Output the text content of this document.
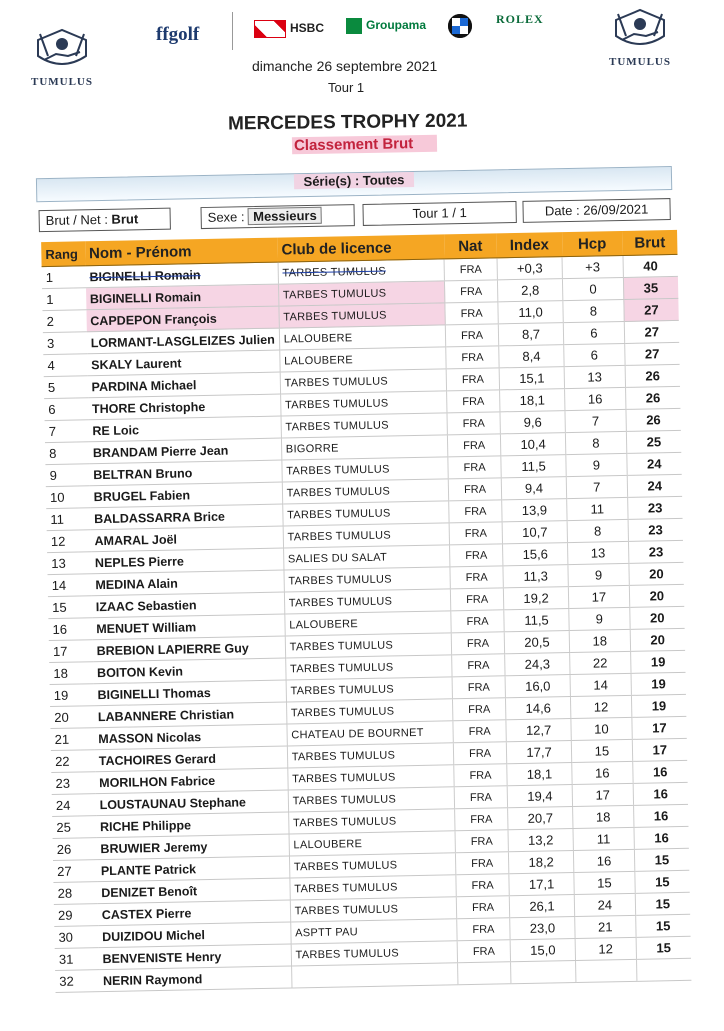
TUMULUS
TUMULUS
ffgolf	HSBC	Groupama	ROLEX
dimanche 26 septembre 2021
Tour 1
MERCEDES TROPHY 2021
Classement Brut
Série(s) : Toutes
Brut / Net : Brut	Sexe : Messieurs	Tour 1 / 1	Date : 26/09/2021
Rang	Nom - Prénom	Club de licence	Nat	Index	Hcp	Brut
1	BIGINELLI Romain	TARBES TUMULUS	FRA	+0,3	+3	40
1	BIGINELLI Romain	TARBES TUMULUS	FRA	2,8	0	35
2	CAPDEPON François	TARBES TUMULUS	FRA	11,0	8	27
3	LORMANT-LASGLEIZES Julien	LALOUBERE	FRA	8,7	6	27
4	SKALY Laurent	LALOUBERE	FRA	8,4	6	27
5	PARDINA Michael	TARBES TUMULUS	FRA	15,1	13	26
6	THORE Christophe	TARBES TUMULUS	FRA	18,1	16	26
7	RE Loic	TARBES TUMULUS	FRA	9,6	7	26
8	BRANDAM Pierre Jean	BIGORRE	FRA	10,4	8	25
9	BELTRAN Bruno	TARBES TUMULUS	FRA	11,5	9	24
10	BRUGEL Fabien	TARBES TUMULUS	FRA	9,4	7	24
11	BALDASSARRA Brice	TARBES TUMULUS	FRA	13,9	11	23
12	AMARAL Joël	TARBES TUMULUS	FRA	10,7	8	23
13	NEPLES Pierre	SALIES DU SALAT	FRA	15,6	13	23
14	MEDINA Alain	TARBES TUMULUS	FRA	11,3	9	20
15	IZAAC Sebastien	TARBES TUMULUS	FRA	19,2	17	20
16	MENUET William	LALOUBERE	FRA	11,5	9	20
17	BREBION LAPIERRE Guy	TARBES TUMULUS	FRA	20,5	18	20
18	BOITON Kevin	TARBES TUMULUS	FRA	24,3	22	19
19	BIGINELLI Thomas	TARBES TUMULUS	FRA	16,0	14	19
20	LABANNERE Christian	TARBES TUMULUS	FRA	14,6	12	19
21	MASSON Nicolas	CHATEAU DE BOURNET	FRA	12,7	10	17
22	TACHOIRES Gerard	TARBES TUMULUS	FRA	17,7	15	17
23	MORILHON Fabrice	TARBES TUMULUS	FRA	18,1	16	16
24	LOUSTAUNAU Stephane	TARBES TUMULUS	FRA	19,4	17	16
25	RICHE Philippe	TARBES TUMULUS	FRA	20,7	18	16
26	BRUWIER Jeremy	LALOUBERE	FRA	13,2	11	16
27	PLANTE Patrick	TARBES TUMULUS	FRA	18,2	16	15
28	DENIZET Benoît	TARBES TUMULUS	FRA	17,1	15	15
29	CASTEX Pierre	TARBES TUMULUS	FRA	26,1	24	15
30	DUIZIDOU Michel	ASPTT PAU	FRA	23,0	21	15
31	BENVENISTE Henry	TARBES TUMULUS	FRA	15,0	12	15
32	NERIN Raymond					
